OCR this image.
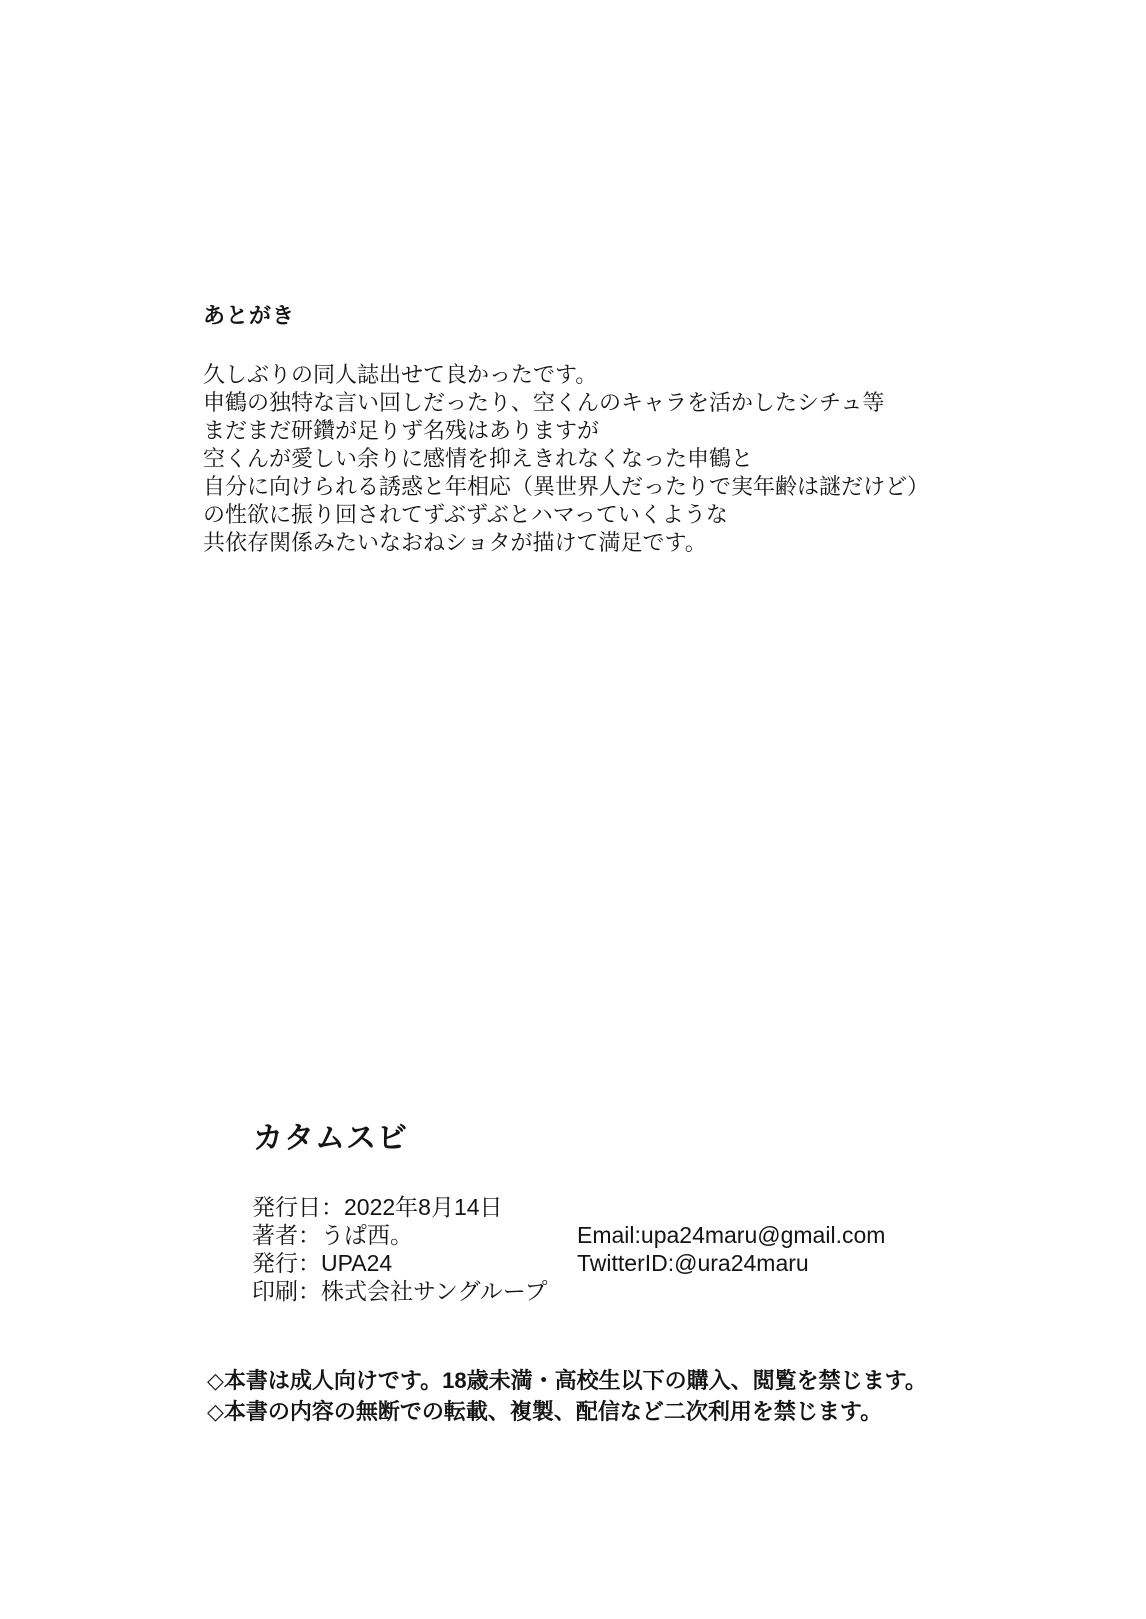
あとがき
久しぶりの同人誌出せて良かったです。
申鶴の独特な言い回しだったり、空くんのキャラを活かしたシチュ等
まだまだ研鑽が足りず名残はありますが
空くんが愛しい余りに感情を抑えきれなくなった申鶴と
自分に向けられる誘惑と年相応（異世界人だったりで実年齢は謎だけど）
の性欲に振り回されてずぶずぶとハマっていくような
共依存関係みたいなおねショタが描けて満足です。
カタムスビ
発行日：2022年8月14日
著者：うぱ西。
発行：UPA24
印刷：株式会社サングループ
Email:upa24maru@gmail.com
TwitterID:@ura24maru
◇本書は成人向けです。18歳未満・高校生以下の購入、閲覧を禁じます。
◇本書の内容の無断での転載、複製、配信など二次利用を禁じます。
